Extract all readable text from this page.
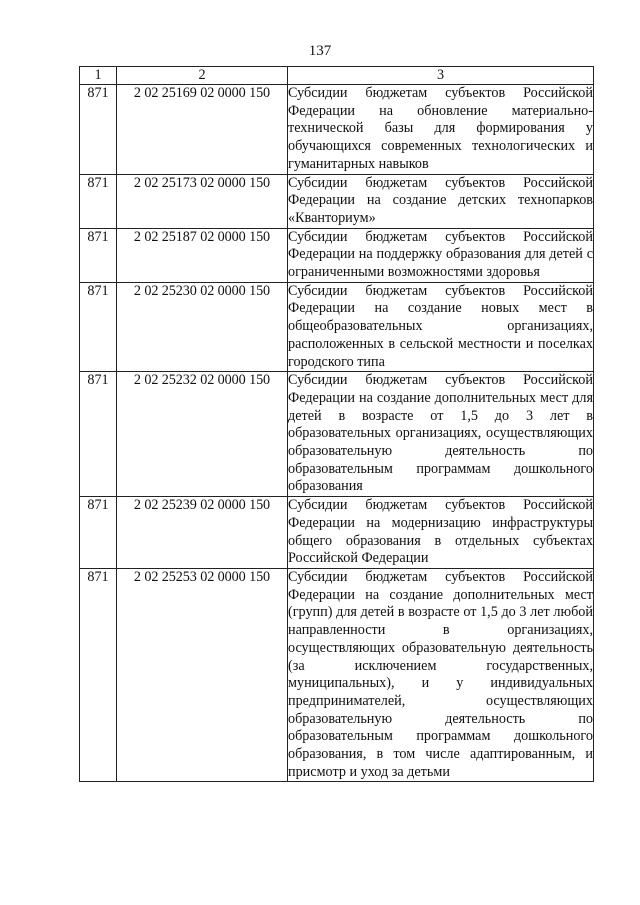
137
1	2	3
871	2 02 25169 02 0000 150	Субсидии бюджетам субъектов Российской Федерации на обновление материально-технической базы для формирования у обучающихся современных технологических и гуманитарных навыков
871	2 02 25173 02 0000 150	Субсидии бюджетам субъектов Российской Федерации на создание детских технопарков «Кванториум»
871	2 02 25187 02 0000 150	Субсидии бюджетам субъектов Российской Федерации на поддержку образования для детей с ограниченными возможностями здоровья
871	2 02 25230 02 0000 150	Субсидии бюджетам субъектов Российской Федерации на создание новых мест в общеобразовательных организациях, расположенных в сельской местности и поселках городского типа
871	2 02 25232 02 0000 150	Субсидии бюджетам субъектов Российской Федерации на создание дополнительных мест для детей в возрасте от 1,5 до 3 лет в образовательных организациях, осуществляющих образовательную деятельность по образовательным программам дошкольного образования
871	2 02 25239 02 0000 150	Субсидии бюджетам субъектов Российской Федерации на модернизацию инфраструктуры общего образования в отдельных субъектах Российской Федерации
871	2 02 25253 02 0000 150	Субсидии бюджетам субъектов Российской Федерации на создание дополнительных мест (групп) для детей в возрасте от 1,5 до 3 лет любой направленности в организациях, осуществляющих образовательную деятельность (за исключением государственных, муниципальных), и у индивидуальных предпринимателей, осуществляющих образовательную деятельность по образовательным программам дошкольного образования, в том числе адаптированным, и присмотр и уход за детьми
